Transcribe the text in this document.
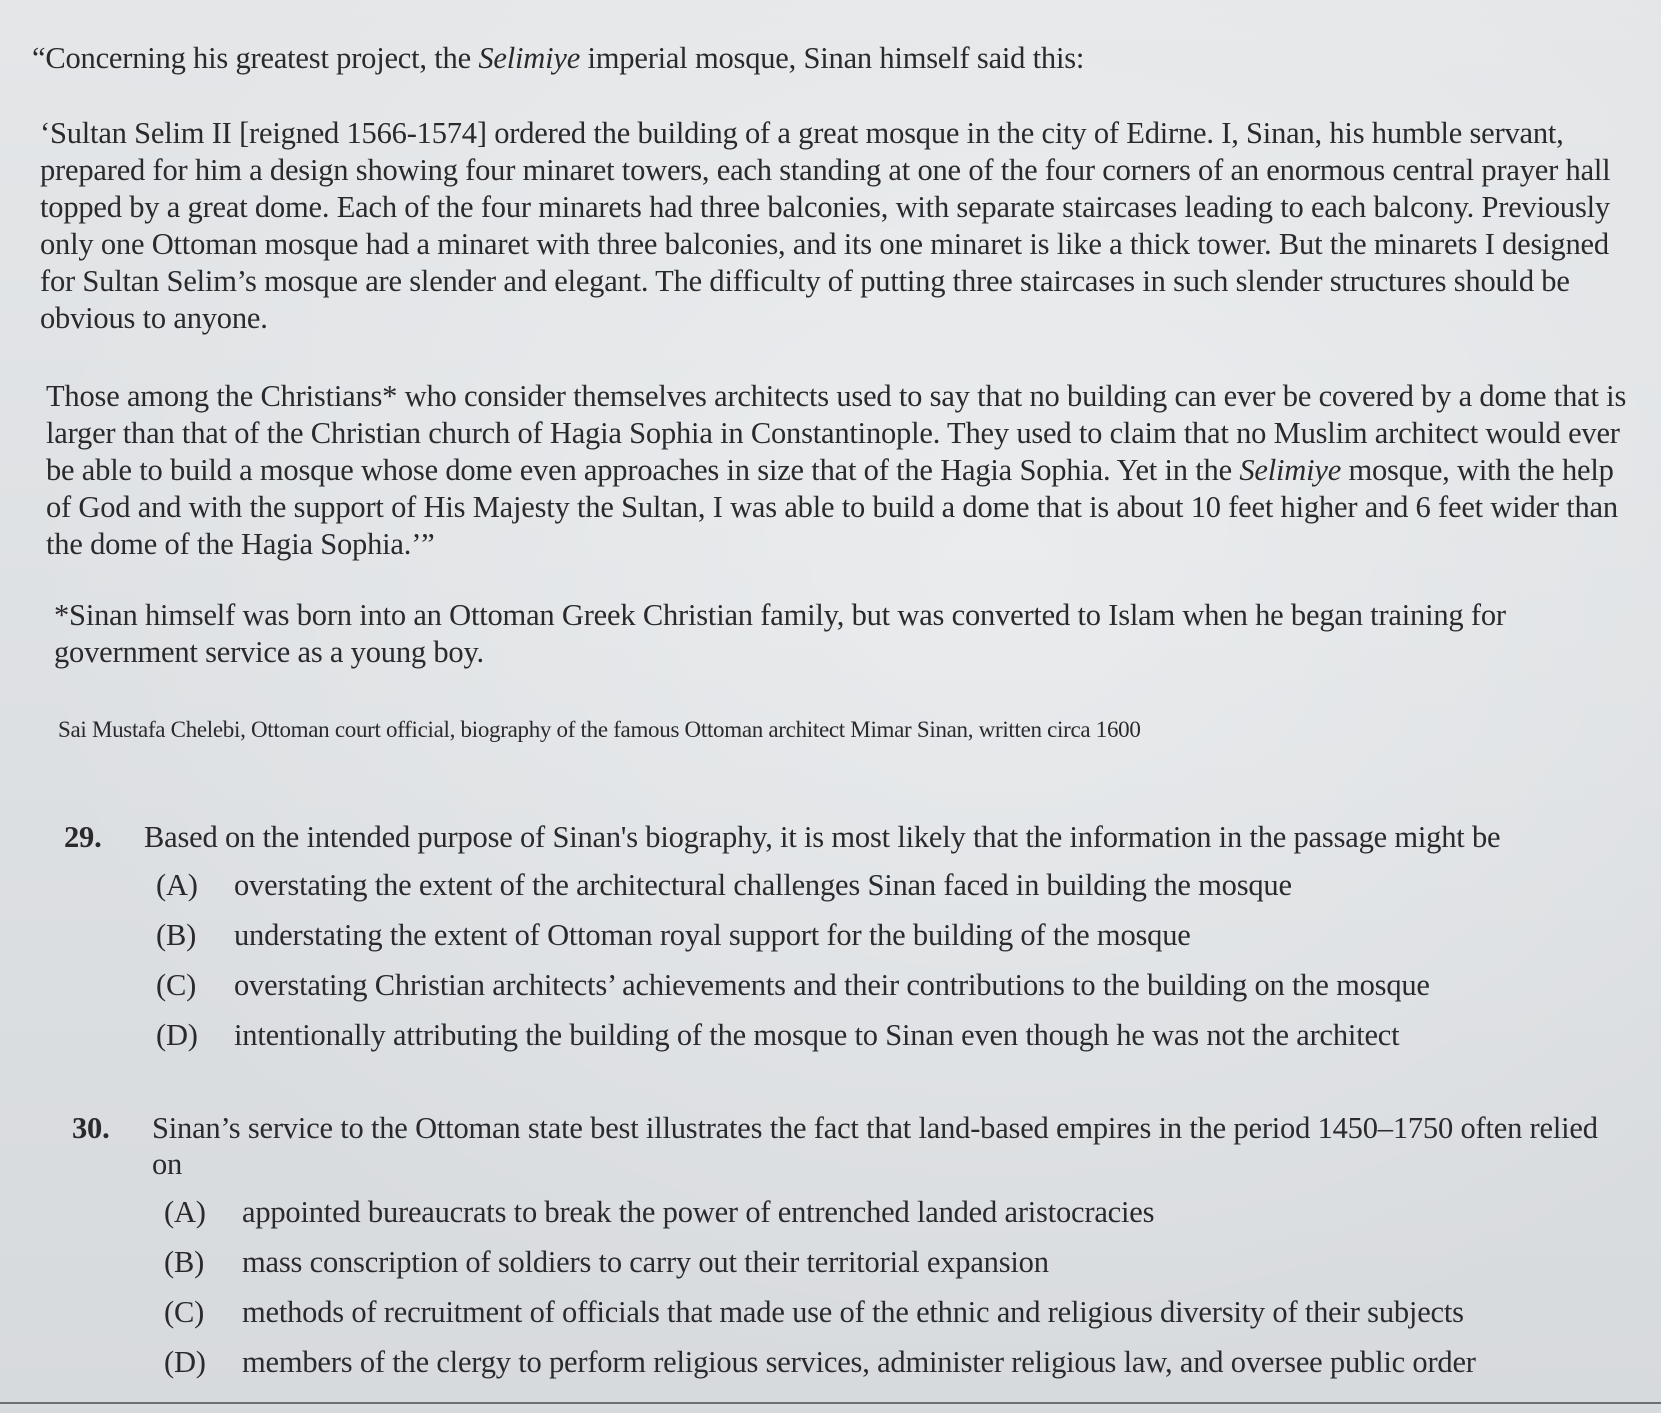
“Concerning his greatest project, the Selimiye imperial mosque, Sinan himself said this:

‘Sultan Selim II [reigned 1566-1574] ordered the building of a great mosque in the city of Edirne. I, Sinan, his humble servant, prepared for him a design showing four minaret towers, each standing at one of the four corners of an enormous central prayer hall topped by a great dome. Each of the four minarets had three balconies, with separate staircases leading to each balcony. Previously only one Ottoman mosque had a minaret with three balconies, and its one minaret is like a thick tower. But the minarets I designed for Sultan Selim’s mosque are slender and elegant. The difficulty of putting three staircases in such slender structures should be obvious to anyone.

Those among the Christians* who consider themselves architects used to say that no building can ever be covered by a dome that is larger than that of the Christian church of Hagia Sophia in Constantinople. They used to claim that no Muslim architect would ever be able to build a mosque whose dome even approaches in size that of the Hagia Sophia. Yet in the Selimiye mosque, with the help of God and with the support of His Majesty the Sultan, I was able to build a dome that is about 10 feet higher and 6 feet wider than the dome of the Hagia Sophia.’”

*Sinan himself was born into an Ottoman Greek Christian family, but was converted to Islam when he began training for government service as a young boy.

Sai Mustafa Chelebi, Ottoman court official, biography of the famous Ottoman architect Mimar Sinan, written circa 1600

29.	Based on the intended purpose of Sinan's biography, it is most likely that the information in the passage might be
(A)	overstating the extent of the architectural challenges Sinan faced in building the mosque
(B)	understating the extent of Ottoman royal support for the building of the mosque
(C)	overstating Christian architects’ achievements and their contributions to the building on the mosque
(D)	intentionally attributing the building of the mosque to Sinan even though he was not the architect
30.	Sinan’s service to the Ottoman state best illustrates the fact that land-based empires in the period 1450–1750 often relied on
(A)	appointed bureaucrats to break the power of entrenched landed aristocracies
(B)	mass conscription of soldiers to carry out their territorial expansion
(C)	methods of recruitment of officials that made use of the ethnic and religious diversity of their subjects
(D)	members of the clergy to perform religious services, administer religious law, and oversee public order
